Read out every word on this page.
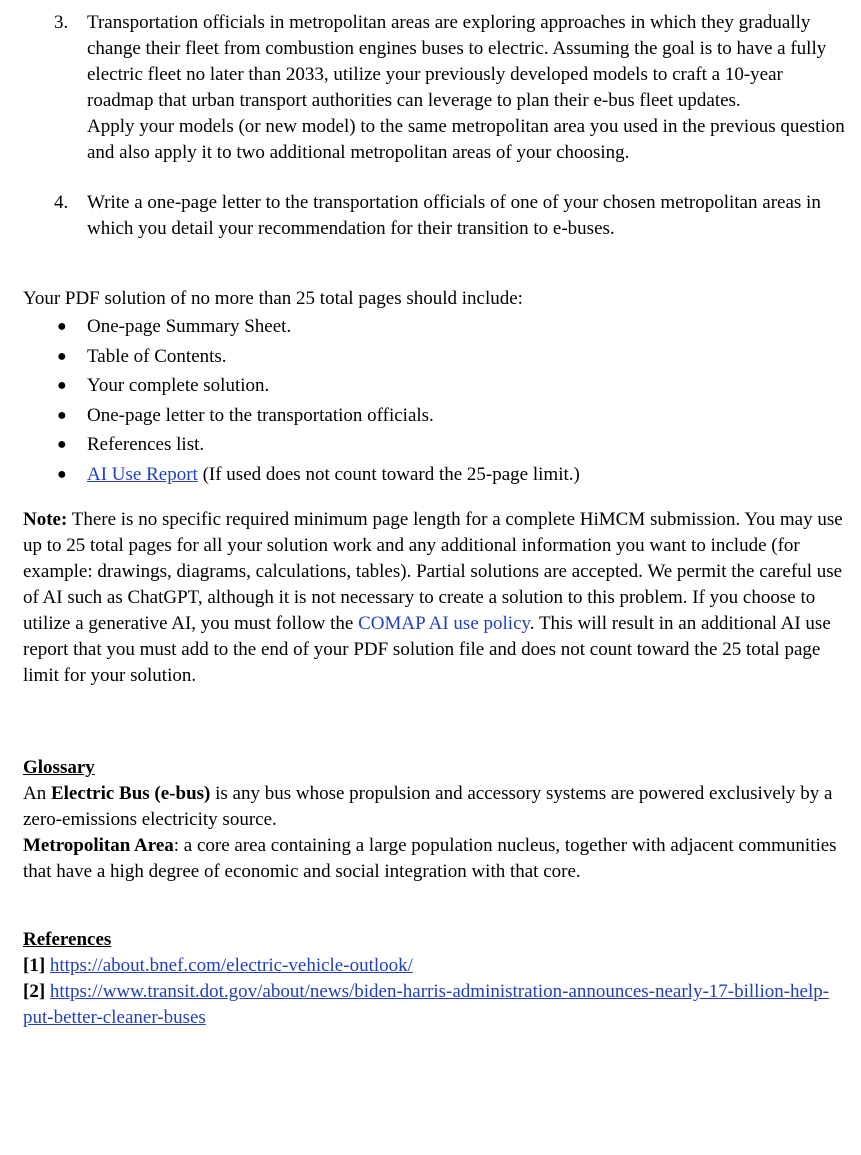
3. Transportation officials in metropolitan areas are exploring approaches in which they gradually change their fleet from combustion engines buses to electric. Assuming the goal is to have a fully electric fleet no later than 2033, utilize your previously developed models to craft a 10-year roadmap that urban transport authorities can leverage to plan their e-bus fleet updates.

Apply your models (or new model) to the same metropolitan area you used in the previous question and also apply it to two additional metropolitan areas of your choosing.

4. Write a one-page letter to the transportation officials of one of your chosen metropolitan areas in which you detail your recommendation for their transition to e-buses.

Your PDF solution of no more than 25 total pages should include:

● One-page Summary Sheet.
● Table of Contents.
● Your complete solution.
● One-page letter to the transportation officials.
● References list.
● AI Use Report (If used does not count toward the 25-page limit.)

Note: There is no specific required minimum page length for a complete HiMCM submission. You may use up to 25 total pages for all your solution work and any additional information you want to include (for example: drawings, diagrams, calculations, tables). Partial solutions are accepted. We permit the careful use of AI such as ChatGPT, although it is not necessary to create a solution to this problem. If you choose to utilize a generative AI, you must follow the COMAP AI use policy. This will result in an additional AI use report that you must add to the end of your PDF solution file and does not count toward the 25 total page limit for your solution.

Glossary

An Electric Bus (e-bus) is any bus whose propulsion and accessory systems are powered exclusively by a zero-emissions electricity source.

Metropolitan Area: a core area containing a large population nucleus, together with adjacent communities that have a high degree of economic and social integration with that core.

References

[1] https://about.bnef.com/electric-vehicle-outlook/

[2] https://www.transit.dot.gov/about/news/biden-harris-administration-announces-nearly-17-billion-help-put-better-cleaner-buses
